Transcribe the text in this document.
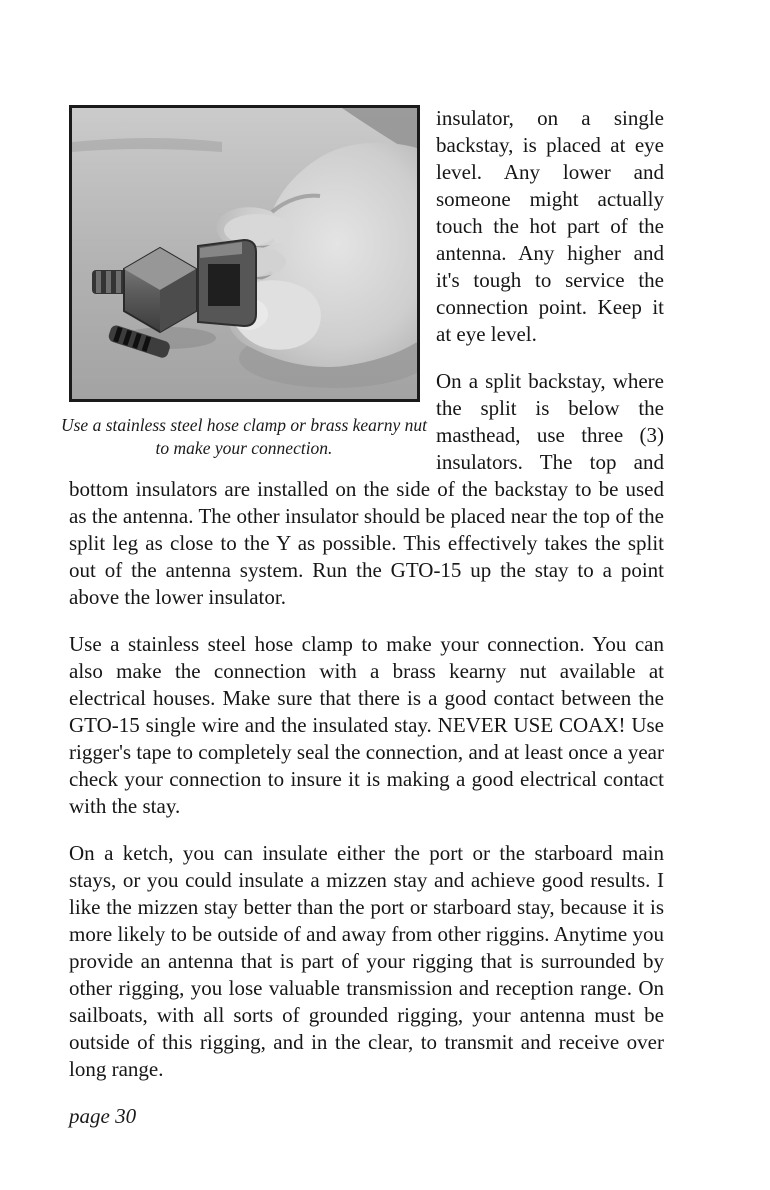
Use a stainless steel hose clamp or brass kearny nut to make your connection.

insulator, on a single backstay, is placed at eye level. Any lower and someone might actually touch the hot part of the antenna. Any higher and it's tough to service the connection point. Keep it at eye level.

On a split backstay, where the split is below the masthead, use three (3) insulators. The top and bottom insulators are installed on the side of the backstay to be used as the antenna. The other insulator should be placed near the top of the split leg as close to the Y as possible. This effectively takes the split out of the antenna system. Run the GTO-15 up the stay to a point above the lower insulator.

Use a stainless steel hose clamp to make your connection. You can also make the connection with a brass kearny nut available at electrical houses. Make sure that there is a good contact between the GTO-15 single wire and the insulated stay. NEVER USE COAX! Use rigger's tape to completely seal the connection, and at least once a year check your connection to insure it is making a good electrical contact with the stay.

On a ketch, you can insulate either the port or the starboard main stays, or you could insulate a mizzen stay and achieve good results. I like the mizzen stay better than the port or starboard stay, because it is more likely to be outside of and away from other riggins. Anytime you provide an antenna that is part of your rigging that is surrounded by other rigging, you lose valuable transmission and reception range. On sailboats, with all sorts of grounded rigging, your antenna must be outside of this rigging, and in the clear, to transmit and receive over long range.

page 30
